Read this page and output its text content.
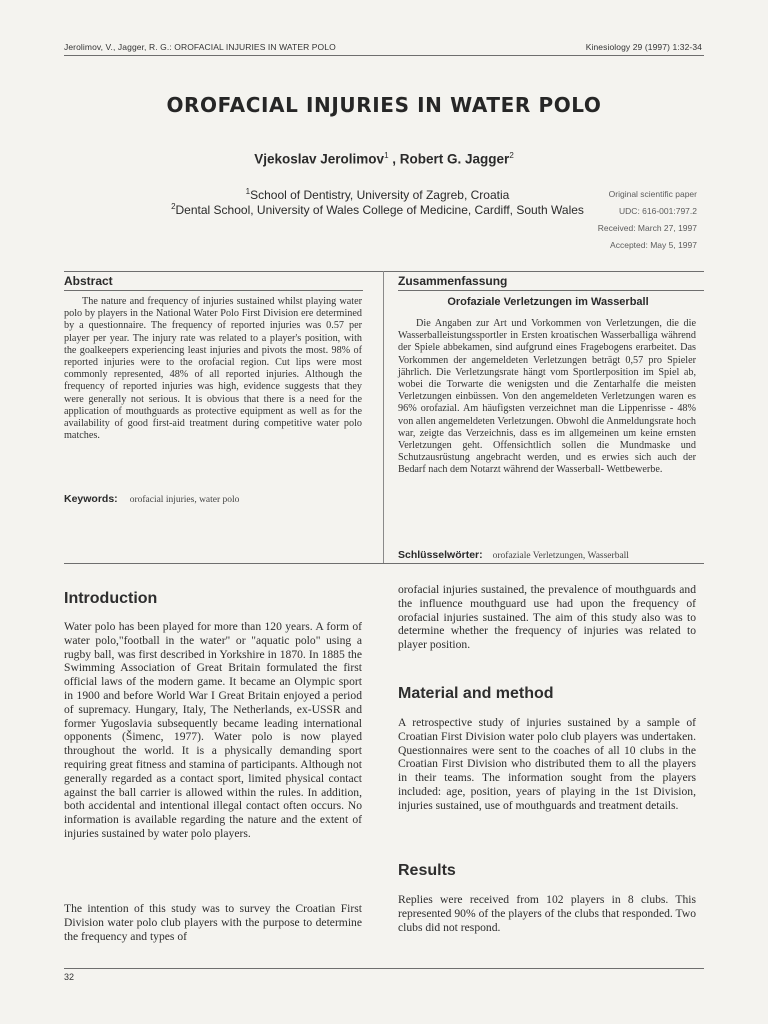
Jerolimov, V., Jagger, R. G.: OROFACIAL INJURIES IN WATER POLO	Kinesiology 29 (1997) 1:32-34
OROFACIAL INJURIES IN WATER POLO
Vjekoslav Jerolimov$^1$ , Robert G. Jagger$^2$
$^1$School of Dentistry, University of Zagreb, Croatia
$^2$Dental School, University of Wales College of Medicine, Cardiff, South Wales
Original scientific paper
UDC: 616-001:797.2
Received: March 27, 1997
Accepted: May 5, 1997
Abstract
The nature and frequency of injuries sustained whilst playing water polo by players in the National Water Polo First Division ere determined by a questionnaire. The frequency of reported injuries was 0.57 per player per year. The injury rate was related to a player's position, with the goalkeepers experiencing least injuries and pivots the most. 98% of reported injuries were to the orofacial region. Cut lips were most commonly represented, 48% of all reported injuries. Although the frequency of reported injuries was high, evidence suggests that they were generally not serious. It is obvious that there is a need for the application of mouthguards as protective equipment as well as for the availability of good first-aid treatment during competitive water polo matches.
Keywords: orofacial injuries, water polo
Zusammenfassung
Orofaziale Verletzungen im Wasserball
Die Angaben zur Art und Vorkommen von Verletzungen, die die Wasserballeistungssportler in Ersten kroatischen Wasserballiga während der Spiele abbekamen, sind aufgrund eines Fragebogens erarbeitet. Das Vorkommen der angemeldeten Verletzungen beträgt 0,57 pro Spieler jährlich. Die Verletzungsrate hängt vom Sportlerposition im Spiel ab, wobei die Torwarte die wenigsten und die Zentarhalfe die meisten Verletzungen einbüssen. Von den angemeldeten Verletzungen waren es 96% orofazial. Am häufigsten verzeichnet man die Lippenrisse - 48% von allen angemeldeten Verletzungen. Obwohl die Anmeldungsrate hoch war, zeigte das Verzeichnis, dass es im allgemeinen um keine ernsten Verletzungen geht. Offensichtlich sollen die Mundmaske und Schutzausrüstung angebracht werden, und es erwies sich auch der Bedarf nach dem Notarzt während der Wasserball- Wettbewerbe.
Schlüsselwörter: orofaziale Verletzungen, Wasserball
Introduction
Water polo has been played for more than 120 years. A form of water polo,"football in the water" or "aquatic polo" using a rugby ball, was first described in Yorkshire in 1870. In 1885 the Swimming Association of Great Britain formulated the first official laws of the modern game. It became an Olympic sport in 1900 and before World War I Great Britain enjoyed a period of supremacy. Hungary, Italy, The Netherlands, ex-USSR and former Yugoslavia subsequently became leading international opponents (Šimenc, 1977). Water polo is now played throughout the world. It is a physically demanding sport requiring great fitness and stamina of participants. Although not generally regarded as a contact sport, limited physical contact against the ball carrier is allowed within the rules. In addition, both accidental and intentional illegal contact often occurs. No information is available regarding the nature and the extent of injuries sustained by water polo players.
The intention of this study was to survey the Croatian First Division water polo club players with the purpose to determine the frequency and types of
orofacial injuries sustained, the prevalence of mouthguards and the influence mouthguard use had upon the frequency of orofacial injuries sustained. The aim of this study also was to determine whether the frequency of injuries was related to player position.
Material and method
A retrospective study of injuries sustained by a sample of Croatian First Division water polo club players was undertaken. Questionnaires were sent to the coaches of all 10 clubs in the Croatian First Division who distributed them to all the players in their teams. The information sought from the players included: age, position, years of playing in the 1st Division, injuries sustained, use of mouthguards and treatment details.
Results
Replies were received from 102 players in 8 clubs. This represented 90% of the players of the clubs that responded. Two clubs did not respond.
32
